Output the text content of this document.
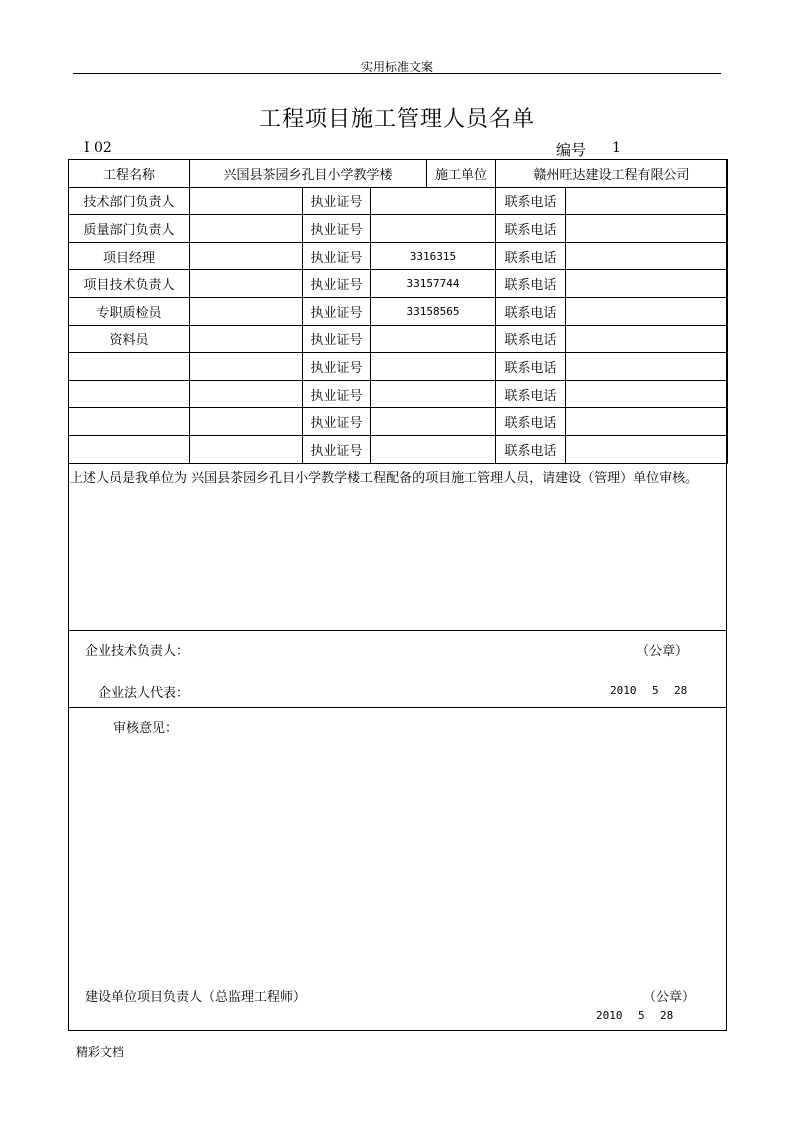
实用标准文案
工程项目施工管理人员名单
I 02	编号 1
工程名称	兴国县茶园乡孔目小学教学楼			施工单位	赣州旺达建设工程有限公司	
技术部门负责人		执业证号			联系电话	
质量部门负责人		执业证号			联系电话	
项目经理		执业证号	3316315		联系电话	
项目技术负责人		执业证号	33157744		联系电话	
专职质检员		执业证号	33158565		联系电话	
资料员		执业证号			联系电话	
		执业证号			联系电话	
		执业证号			联系电话	
		执业证号			联系电话	
		执业证号			联系电话	
上述人员是我单位为 兴国县茶园乡孔目小学教学楼工程配备的项目施工管理人员，请建设（管理）单位审核。
企业技术负责人：	（公章）
企业法人代表：	2010 5 28
审核意见：
建设单位项目负责人（总监理工程师）	（公章）
2010 5 28
精彩文档
